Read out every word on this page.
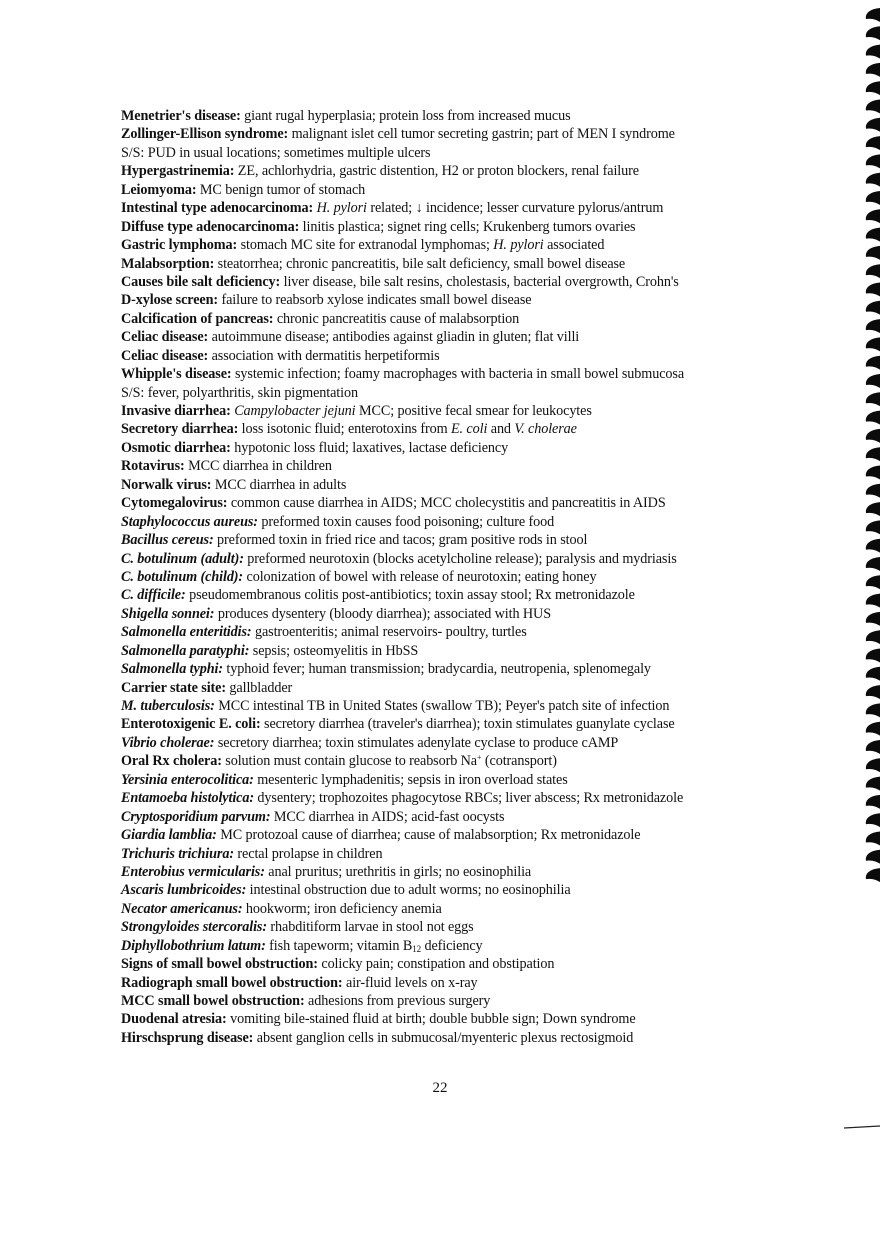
Menetrier's disease: giant rugal hyperplasia; protein loss from increased mucus
Zollinger-Ellison syndrome: malignant islet cell tumor secreting gastrin; part of MEN I syndrome
S/S: PUD in usual locations; sometimes multiple ulcers
Hypergastrinemia: ZE, achlorhydria, gastric distention, H2 or proton blockers, renal failure
Leiomyoma: MC benign tumor of stomach
Intestinal type adenocarcinoma: H. pylori related; ↓ incidence; lesser curvature pylorus/antrum
Diffuse type adenocarcinoma: linitis plastica; signet ring cells; Krukenberg tumors ovaries
Gastric lymphoma: stomach MC site for extranodal lymphomas; H. pylori associated
Malabsorption: steatorrhea; chronic pancreatitis, bile salt deficiency, small bowel disease
Causes bile salt deficiency: liver disease, bile salt resins, cholestasis, bacterial overgrowth, Crohn's
D-xylose screen: failure to reabsorb xylose indicates small bowel disease
Calcification of pancreas: chronic pancreatitis cause of malabsorption
Celiac disease: autoimmune disease; antibodies against gliadin in gluten; flat villi
Celiac disease: association with dermatitis herpetiformis
Whipple's disease: systemic infection; foamy macrophages with bacteria in small bowel submucosa
S/S: fever, polyarthritis, skin pigmentation
Invasive diarrhea: Campylobacter jejuni MCC; positive fecal smear for leukocytes
Secretory diarrhea: loss isotonic fluid; enterotoxins from E. coli and V. cholerae
Osmotic diarrhea: hypotonic loss fluid; laxatives, lactase deficiency
Rotavirus: MCC diarrhea in children
Norwalk virus: MCC diarrhea in adults
Cytomegalovirus: common cause diarrhea in AIDS; MCC cholecystitis and pancreatitis in AIDS
Staphylococcus aureus: preformed toxin causes food poisoning; culture food
Bacillus cereus: preformed toxin in fried rice and tacos; gram positive rods in stool
C. botulinum (adult): preformed neurotoxin (blocks acetylcholine release); paralysis and mydriasis
C. botulinum (child): colonization of bowel with release of neurotoxin; eating honey
C. difficile: pseudomembranous colitis post-antibiotics; toxin assay stool; Rx metronidazole
Shigella sonnei: produces dysentery (bloody diarrhea); associated with HUS
Salmonella enteritidis: gastroenteritis; animal reservoirs- poultry, turtles
Salmonella paratyphi: sepsis; osteomyelitis in HbSS
Salmonella typhi: typhoid fever; human transmission; bradycardia, neutropenia, splenomegaly
Carrier state site: gallbladder
M. tuberculosis: MCC intestinal TB in United States (swallow TB); Peyer's patch site of infection
Enterotoxigenic E. coli: secretory diarrhea (traveler's diarrhea); toxin stimulates guanylate cyclase
Vibrio cholerae: secretory diarrhea; toxin stimulates adenylate cyclase to produce cAMP
Oral Rx cholera: solution must contain glucose to reabsorb Na+ (cotransport)
Yersinia enterocolitica: mesenteric lymphadenitis; sepsis in iron overload states
Entamoeba histolytica: dysentery; trophozoites phagocytose RBCs; liver abscess; Rx metronidazole
Cryptosporidium parvum: MCC diarrhea in AIDS; acid-fast oocysts
Giardia lamblia: MC protozoal cause of diarrhea; cause of malabsorption; Rx metronidazole
Trichuris trichiura: rectal prolapse in children
Enterobius vermicularis: anal pruritus; urethritis in girls; no eosinophilia
Ascaris lumbricoides: intestinal obstruction due to adult worms; no eosinophilia
Necator americanus: hookworm; iron deficiency anemia
Strongyloides stercoralis: rhabditiform larvae in stool not eggs
Diphyllobothrium latum: fish tapeworm; vitamin $B_{12}$ deficiency
Signs of small bowel obstruction: colicky pain; constipation and obstipation
Radiograph small bowel obstruction: air-fluid levels on x-ray
MCC small bowel obstruction: adhesions from previous surgery
Duodenal atresia: vomiting bile-stained fluid at birth; double bubble sign; Down syndrome
Hirschsprung disease: absent ganglion cells in submucosal/myenteric plexus rectosigmoid
22
